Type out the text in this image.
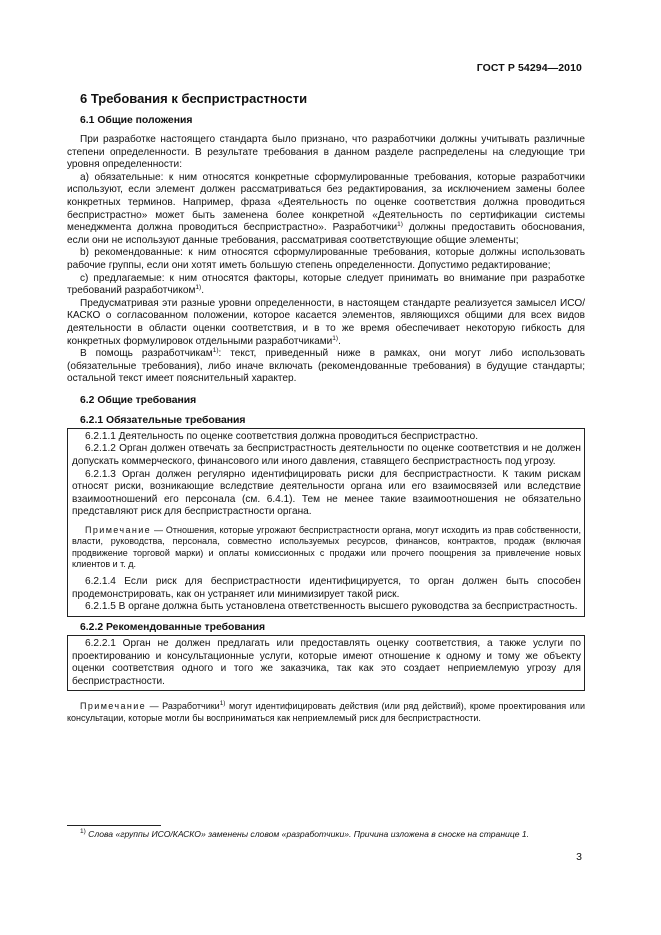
ГОСТ Р 54294—2010
6 Требования к беспристрастности
6.1 Общие положения

При разработке настоящего стандарта было признано, что разработчики должны учитывать различные степени определенности. В результате требования в данном разделе распределены на следующие три уровня определенности:

а) обязательные: к ним относятся конкретные сформулированные требования, которые разработчики используют, если элемент должен рассматриваться без редактирования, за исключением замены более конкретных терминов. Например, фраза «Деятельность по оценке соответствия должна проводиться беспристрастно» может быть заменена более конкретной «Деятельность по сертификации системы менеджмента должна проводиться беспристрастно». Разработчики$^{1)}$ должны предоставить обоснования, если они не используют данные требования, рассматривая соответствующие общие элементы;

b) рекомендованные: к ним относятся сформулированные требования, которые должны использовать рабочие группы, если они хотят иметь большую степень определенности. Допустимо редактирование;

с) предлагаемые: к ним относятся факторы, которые следует принимать во внимание при разработке требований разработчиком$^{1)}$.

Предусматривая эти разные уровни определенности, в настоящем стандарте реализуется замысел ИСО/КАСКО о согласованном положении, которое касается элементов, являющихся общими для всех видов деятельности в области оценки соответствия, и в то же время обеспечивает некоторую гибкость для конкретных формулировок отдельными разработчиками$^{1)}$.

В помощь разработчикам$^{1)}$: текст, приведенный ниже в рамках, они могут либо использовать (обязательные требования), либо иначе включать (рекомендованные требования) в будущие стандарты; остальной текст имеет пояснительный характер.

6.2 Общие требования
6.2.1 Обязательные требования

6.2.1.1 Деятельность по оценке соответствия должна проводиться беспристрастно.

6.2.1.2 Орган должен отвечать за беспристрастность деятельности по оценке соответствия и не должен допускать коммерческого, финансового или иного давления, ставящего беспристрастность под угрозу.

6.2.1.3 Орган должен регулярно идентифицировать риски для беспристрастности. К таким рискам относят риски, возникающие вследствие деятельности органа или его взаимосвязей или вследствие взаимоотношений его персонала (см. 6.4.1). Тем не менее такие взаимоотношения не обязательно представляют риск для беспристрастности органа.

Примечание — Отношения, которые угрожают беспристрастности органа, могут исходить из прав собственности, власти, руководства, персонала, совместно используемых ресурсов, финансов, контрактов, продаж (включая продвижение торговой марки) и оплаты комиссионных с продажи или прочего поощрения за привлечение новых клиентов и т. д.

6.2.1.4 Если риск для беспристрастности идентифицируется, то орган должен быть способен продемонстрировать, как он устраняет или минимизирует такой риск.

6.2.1.5 В органе должна быть установлена ответственность высшего руководства за беспристрастность.

6.2.2 Рекомендованные требования

6.2.2.1 Орган не должен предлагать или предоставлять оценку соответствия, а также услуги по проектированию и консультационные услуги, которые имеют отношение к одному и тому же объекту оценки соответствия одного и того же заказчика, так как это создает неприемлемую угрозу для беспристрастности.

Примечание — Разработчики$^{1)}$ могут идентифицировать действия (или ряд действий), кроме проектирования или консультации, которые могли бы восприниматься как неприемлемый риск для беспристрастности.

$^{1)}$ Слова «группы ИСО/КАСКО» заменены словом «разработчики». Причина изложена в сноске на странице 1.
3
